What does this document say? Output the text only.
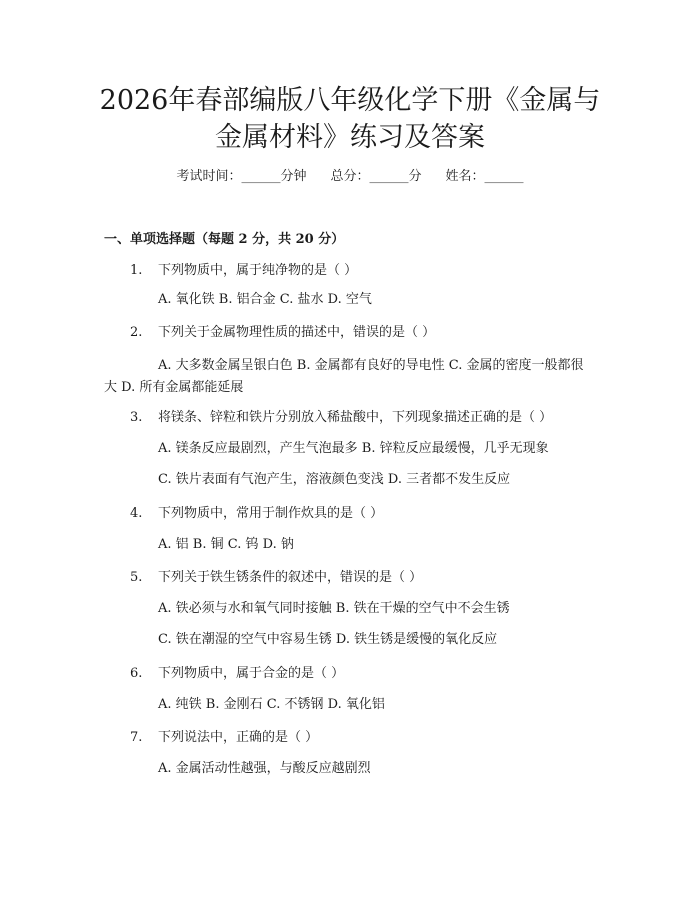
2026年春部编版八年级化学下册《金属与金属材料》练习及答案
考试时间：______分钟 总分：______分 姓名：______
一、单项选择题（每题 2 分，共 20 分）
1. 下列物质中，属于纯净物的是（ ）
A. 氧化铁 B. 铝合金 C. 盐水 D. 空气
2. 下列关于金属物理性质的描述中，错误的是（ ）
A. 大多数金属呈银白色 B. 金属都有良好的导电性 C. 金属的密度一般都很大 D. 所有金属都能延展
3. 将镁条、锌粒和铁片分别放入稀盐酸中，下列现象描述正确的是（ ）
A. 镁条反应最剧烈，产生气泡最多 B. 锌粒反应最缓慢，几乎无现象
C. 铁片表面有气泡产生，溶液颜色变浅 D. 三者都不发生反应
4. 下列物质中，常用于制作炊具的是（ ）
A. 铝 B. 铜 C. 钨 D. 钠
5. 下列关于铁生锈条件的叙述中，错误的是（ ）
A. 铁必须与水和氧气同时接触 B. 铁在干燥的空气中不会生锈
C. 铁在潮湿的空气中容易生锈 D. 铁生锈是缓慢的氧化反应
6. 下列物质中，属于合金的是（ ）
A. 纯铁 B. 金刚石 C. 不锈钢 D. 氧化铝
7. 下列说法中，正确的是（ ）
A. 金属活动性越强，与酸反应越剧烈
